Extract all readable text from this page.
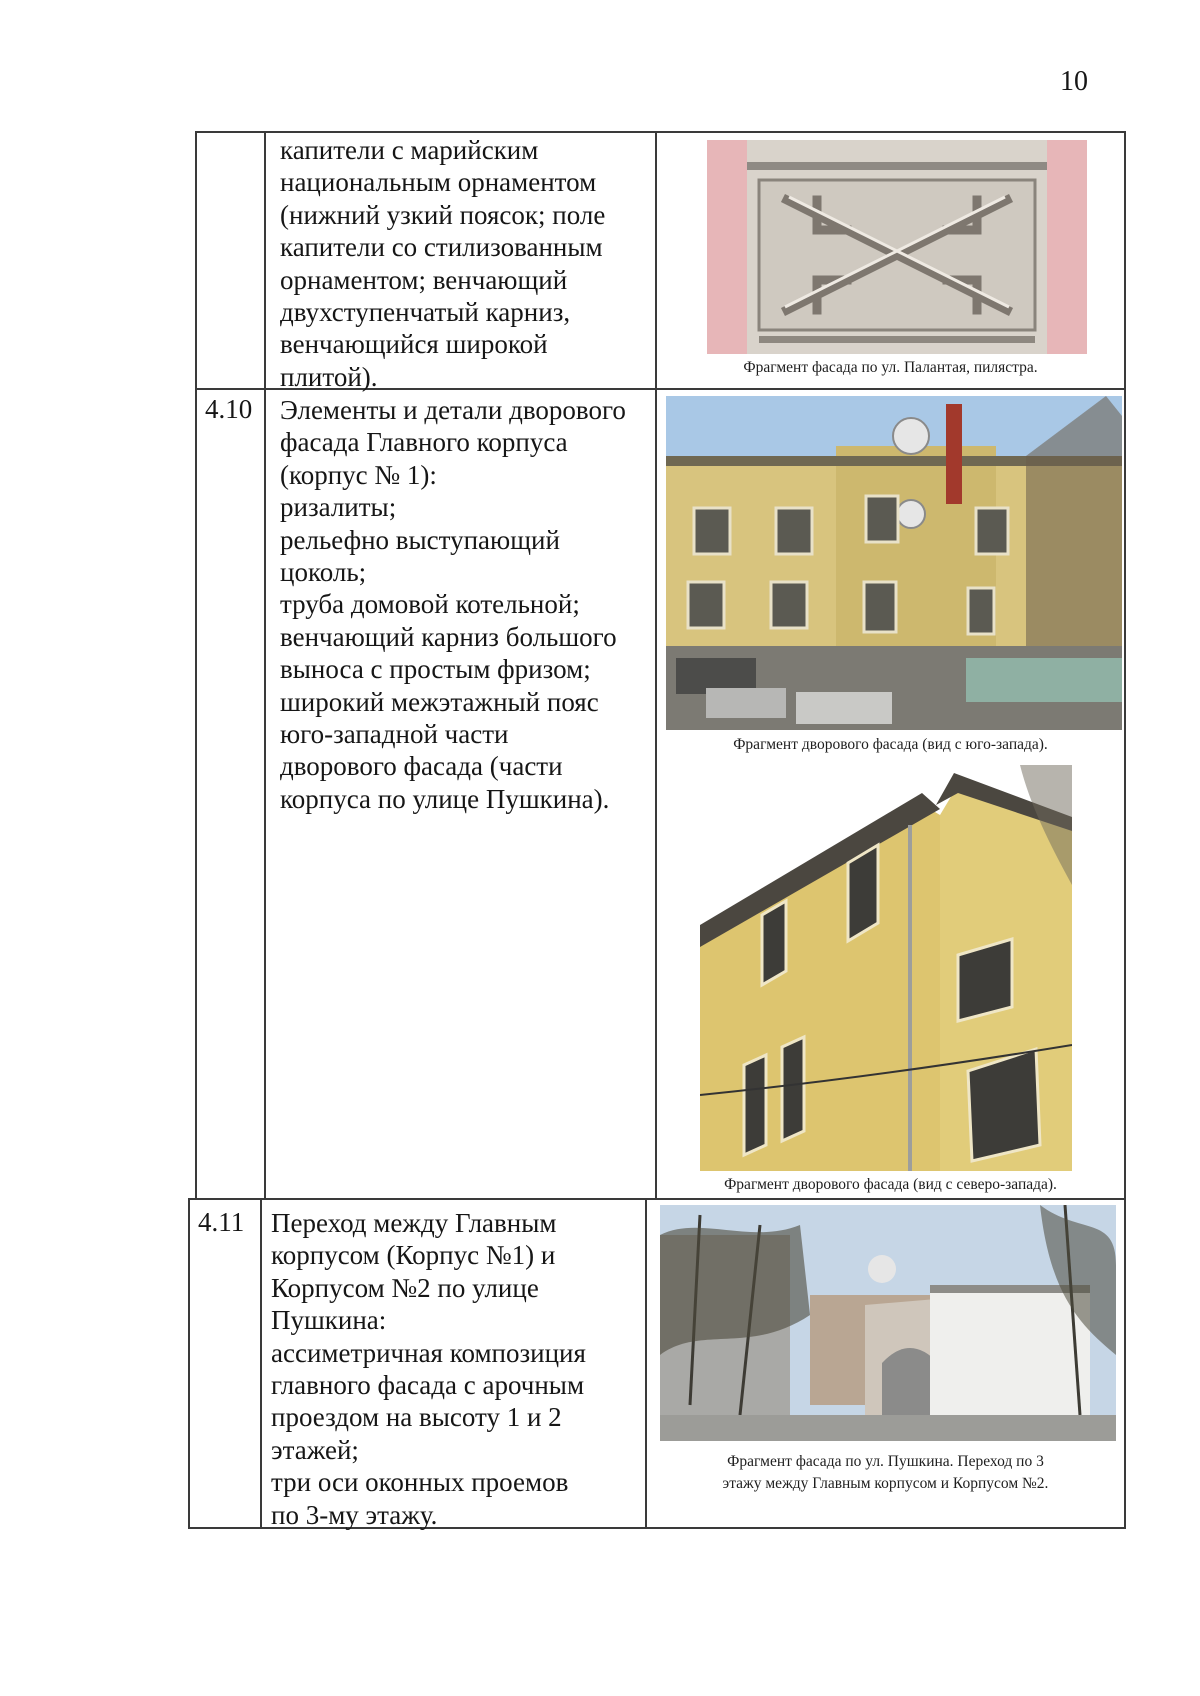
10
капители с марийским
национальным орнаментом
(нижний узкий поясок; поле
капители со стилизованным
орнаментом; венчающий
двухступенчатый карниз,
венчающийся широкой
плитой).	Фрагмент фасада по ул. Палантая, пилястра.
4.10 Элементы и детали дворового
фасада Главного корпуса
(корпус № 1):
ризалиты;
рельефно выступающий
цоколь;
труба домовой котельной;
венчающий карниз большого
выноса с простым фризом;
широкий межэтажный пояс
юго-западной части
дворового фасада (части
корпуса по улице Пушкина).
Фрагмент дворового фасада (вид с юго-запада).
Фрагмент дворового фасада (вид с северо-запада).
4.11 Переход между Главным
корпусом (Корпус №1) и
Корпусом №2 по улице
Пушкина:
ассиметричная композиция
главного фасада с арочным
проездом на высоту 1 и 2
этажей;
три оси оконных проемов
по 3-му этажу.
Фрагмент фасада по ул. Пушкина. Переход по 3
этажу между Главным корпусом и Корпусом №2.
